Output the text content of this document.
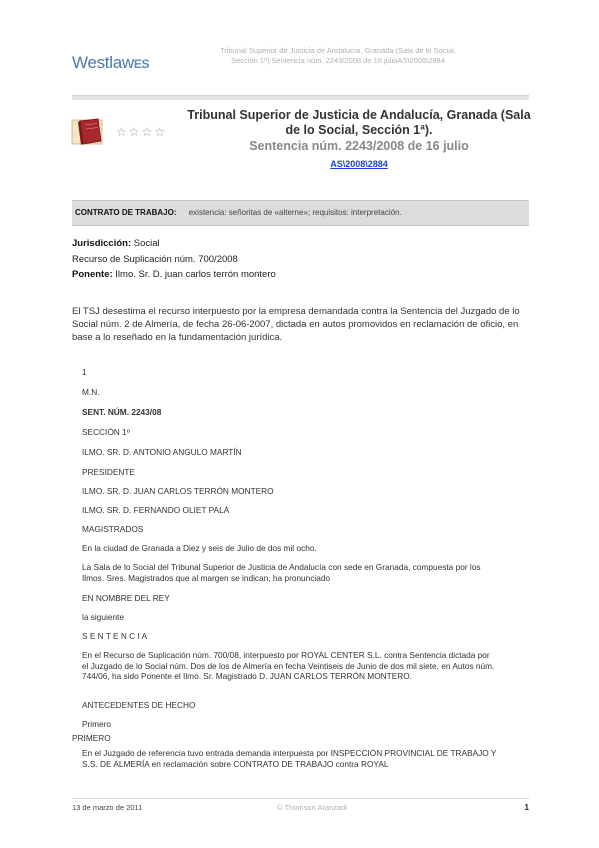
WestlawES
Tribunal Superior de Justicia de Andalucía, Granada (Sala de lo Social,
Sección 1ª).Sentencia núm. 2243/2008 de 16 julioAS\2008\2884
☆☆☆☆

Tribunal Superior de Justicia de Andalucía, Granada (Sala
de lo Social, Sección 1ª).

Sentencia núm. 2243/2008 de 16 julio

AS\2008\2884
CONTRATO DE TRABAJO: existencia: señoritas de «alterne»; requisitos: interpretación.
Jurisdicción: Social
Recurso de Suplicación núm. 700/2008
Ponente: Ilmo. Sr. D. juan carlos terrón montero

El TSJ desestima el recurso interpuesto por la empresa demandada contra la Sentencia del Juzgado de lo Social núm. 2 de Almería, de fecha 26-06-2007, dictada en autos promovidos en reclamación de oficio, en base a lo reseñado en la fundamentación jurídica.

1

M.N.

SENT. NÚM. 2243/08

SECCIÓN 1º

ILMO. SR. D. ANTONIO ANGULO MARTÍN

PRESIDENTE

ILMO. SR. D. JUAN CARLOS TERRÓN MONTERO

ILMO. SR. D. FERNANDO OLIET PALÁ

MAGISTRADOS

En la ciudad de Granada a Diez y seis de Julio de dos mil ocho.

La Sala de lo Social del Tribunal Superior de Justicia de Andalucía con sede en Granada, compuesta por los Ilmos. Sres. Magistrados que al margen se indican, ha pronunciado

EN NOMBRE DEL REY

la siguiente

S E N T E N C I A

En el Recurso de Suplicación núm. 700/08, interpuesto por ROYAL CENTER S.L. contra Sentencia dictada por el Juzgado de lo Social núm. Dos de los de Almería en fecha Veintiseis de Junio de dos mil siete, en Autos núm. 744/06, ha sido Ponente el Ilmo. Sr. Magistrado D. JUAN CARLOS TERRÓN MONTERO.

ANTECEDENTES DE HECHO

Primero

PRIMERO

En el Juzgado de referencia tuvo entrada demanda interpuesta por INSPECCIÓN PROVINCIAL DE TRABAJO Y S.S. DE ALMERÍA en reclamación sobre CONTRATO DE TRABAJO contra ROYAL

13 de marzo de 2011	© Thomson Aranzadi	1
